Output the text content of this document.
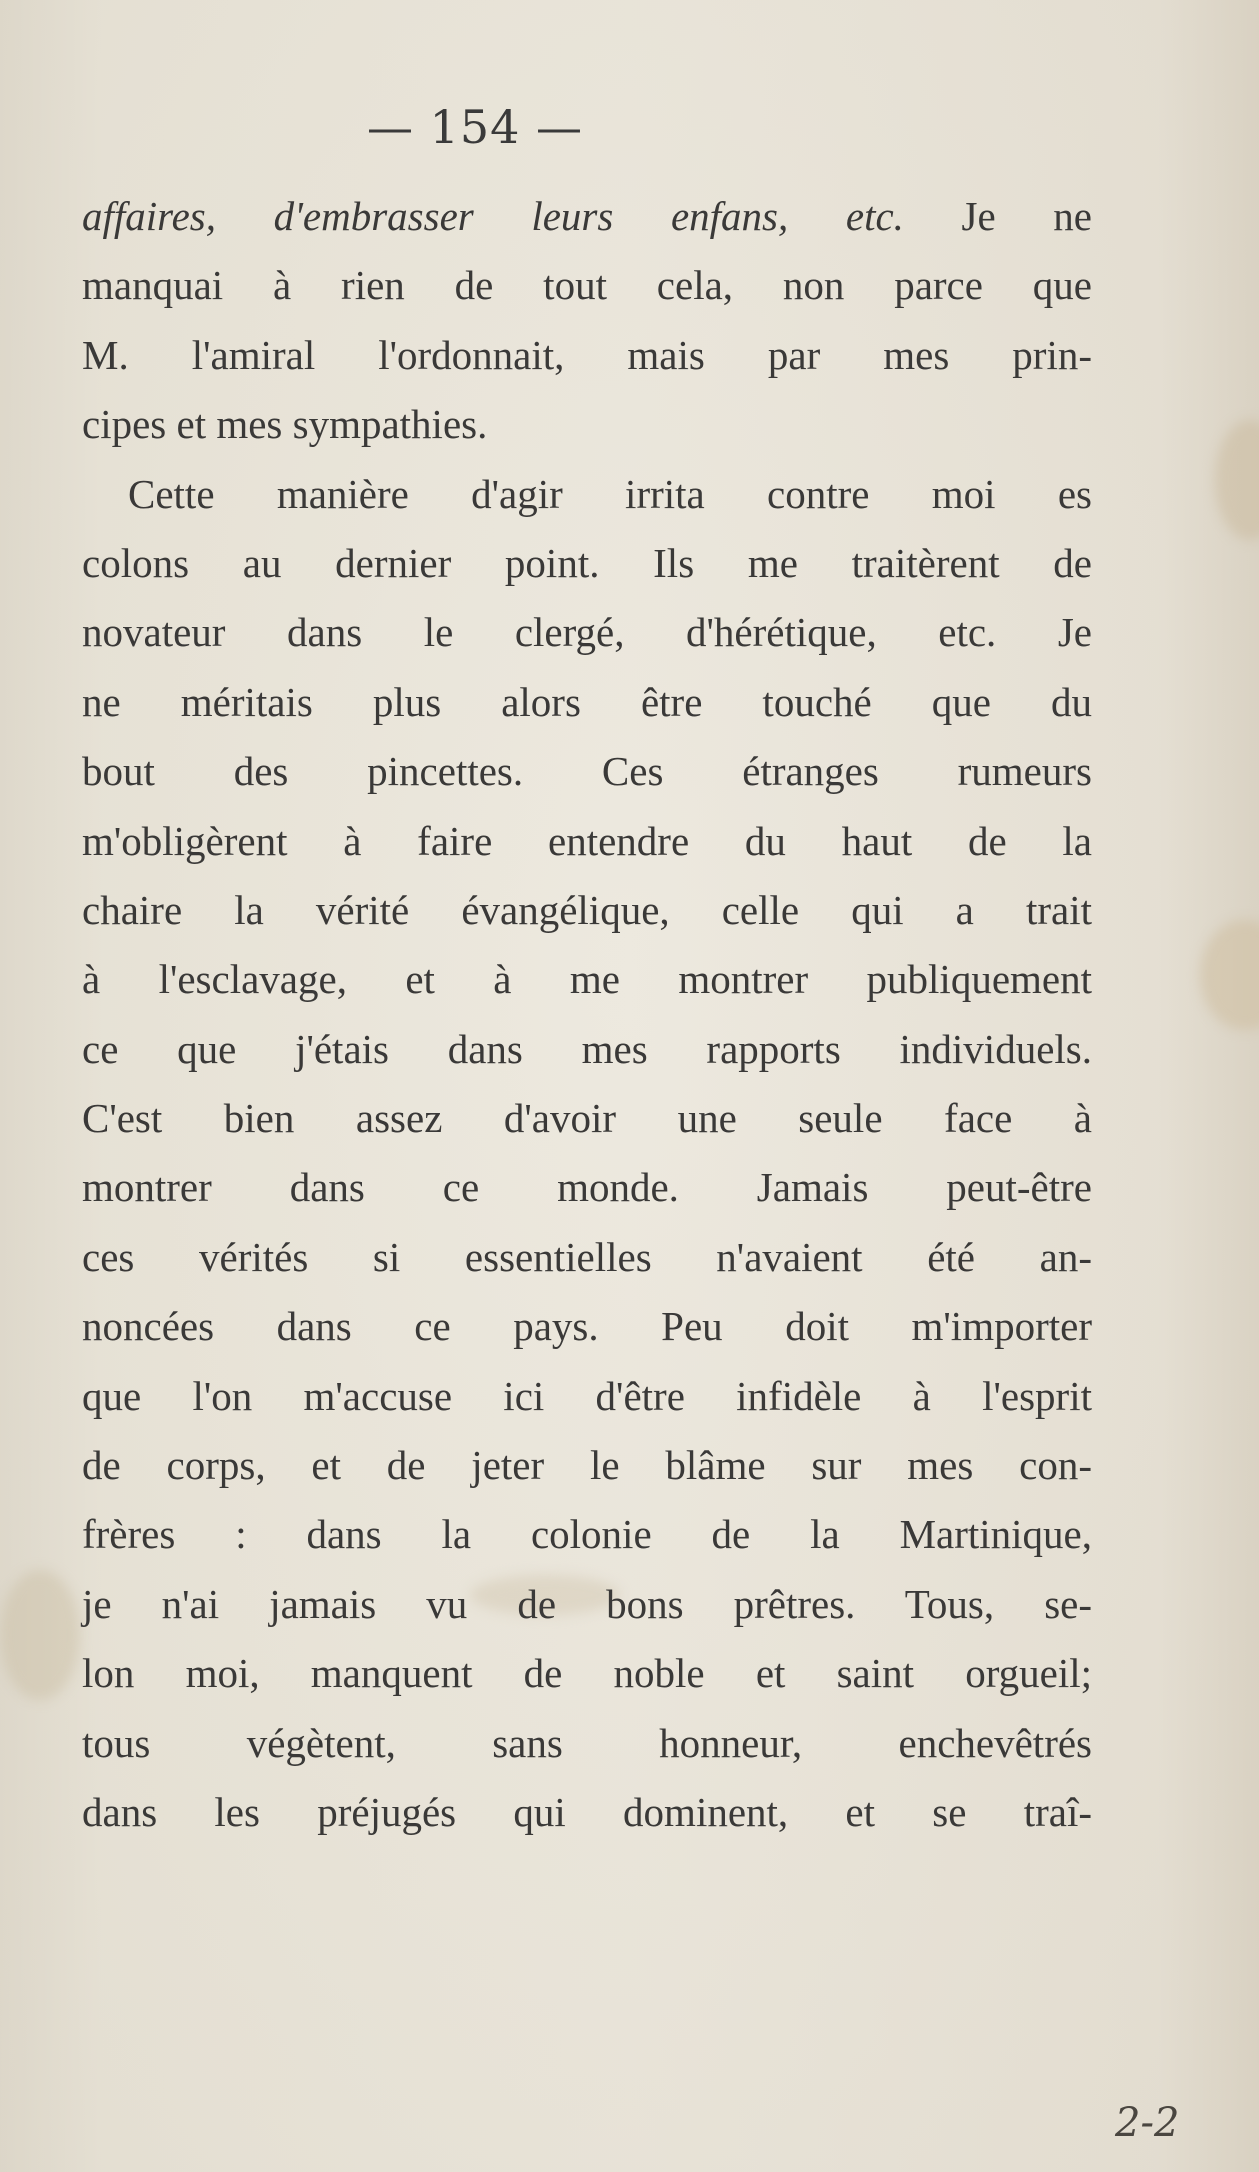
— 154 —
affaires, d'embrasser leurs enfans, etc. Je ne
manquai à rien de tout cela, non parce que
M. l'amiral l'ordonnait, mais par mes prin-
cipes et mes sympathies.
Cette manière d'agir irrita contre moi es
colons au dernier point. Ils me traitèrent de
novateur dans le clergé, d'hérétique, etc. Je
ne méritais plus alors être touché que du
bout des pincettes. Ces étranges rumeurs
m'obligèrent à faire entendre du haut de la
chaire la vérité évangélique, celle qui a trait
à l'esclavage, et à me montrer publiquement
ce que j'étais dans mes rapports individuels.
C'est bien assez d'avoir une seule face à
montrer dans ce monde. Jamais peut-être
ces vérités si essentielles n'avaient été an-
noncées dans ce pays. Peu doit m'importer
que l'on m'accuse ici d'être infidèle à l'esprit
de corps, et de jeter le blâme sur mes con-
frères : dans la colonie de la Martinique,
je n'ai jamais vu de bons prêtres. Tous, se-
lon moi, manquent de noble et saint orgueil;
tous végètent, sans honneur, enchevêtrés
dans les préjugés qui dominent, et se traî-
2-2
